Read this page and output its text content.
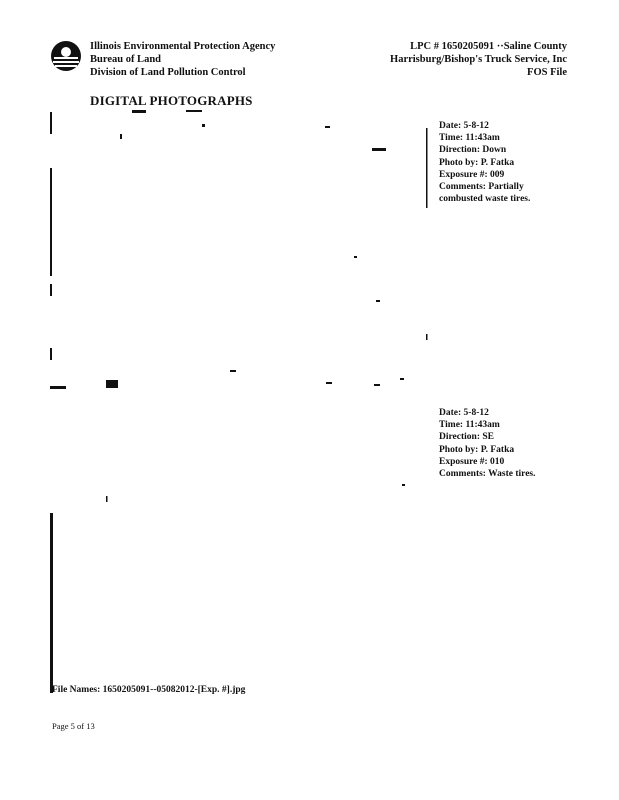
Illinois Environmental Protection Agency
Bureau of Land
Division of Land Pollution Control
LPC # 1650205091 ··Saline County
Harrisburg/Bishop's Truck Service, Inc
FOS File
DIGITAL PHOTOGRAPHS
Date: 5-8-12
Time: 11:43am
Direction: Down
Photo by: P. Fatka
Exposure #: 009
Comments: Partially
combusted waste tires.
Date: 5-8-12
Time: 11:43am
Direction: SE
Photo by: P. Fatka
Exposure #: 010
Comments: Waste tires.
File Names: 1650205091--05082012-[Exp. #].jpg
Page 5 of 13
